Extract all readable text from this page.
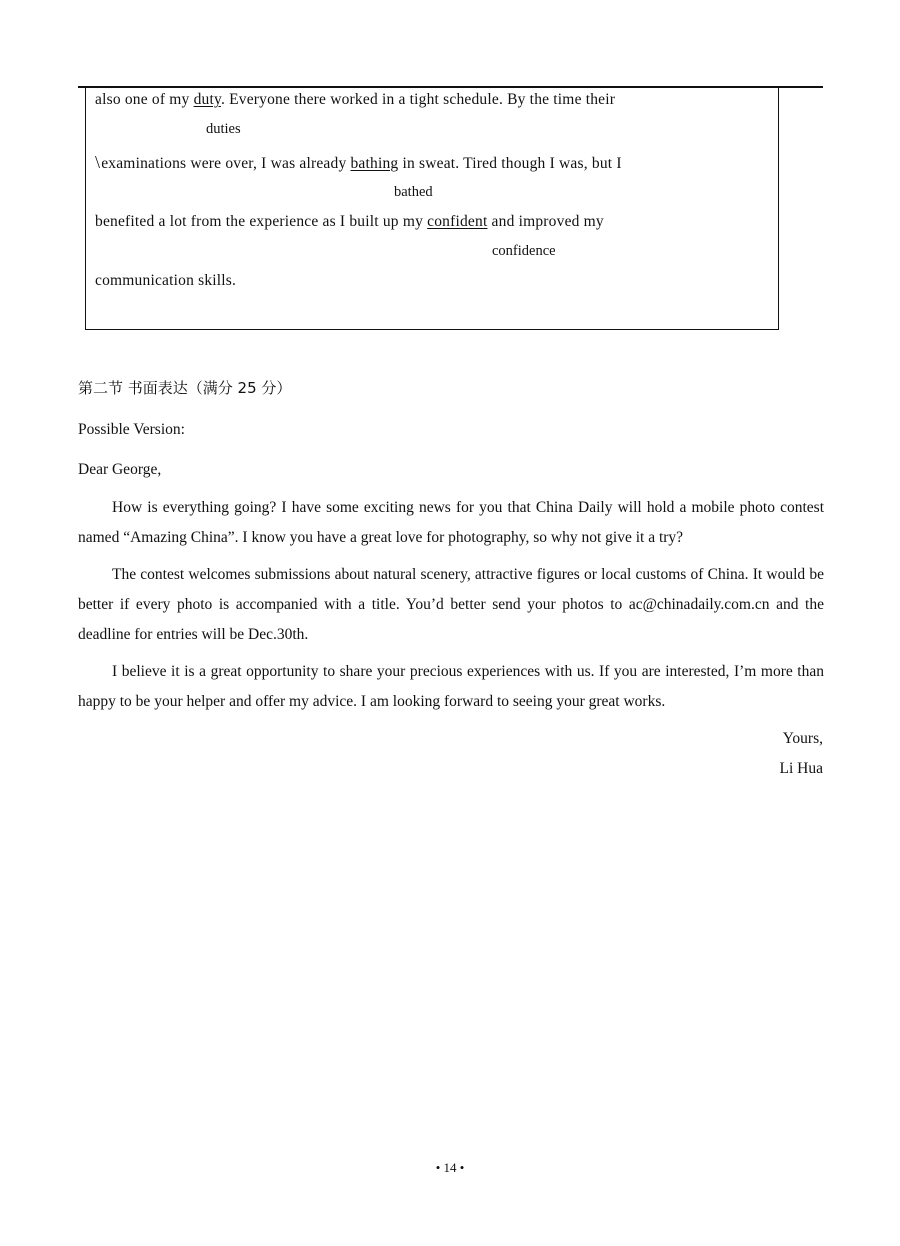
also one of my duty. Everyone there worked in a tight schedule. By the time their
duties
\examinations were over, I was already bathing in sweat. Tired though I was, but I
bathed
benefited a lot from the experience as I built up my confident and improved my
confidence
communication skills.
第二节 书面表达（满分 25 分）
Possible Version:
Dear George,

How is everything going? I have some exciting news for you that China Daily will hold a mobile photo contest named “Amazing China”. I know you have a great love for photography, so why not give it a try?

The contest welcomes submissions about natural scenery, attractive figures or local customs of China. It would be better if every photo is accompanied with a title. You’d better send your photos to ac@chinadaily.com.cn and the deadline for entries will be Dec.30th.

I believe it is a great opportunity to share your precious experiences with us. If you are interested, I’m more than happy to be your helper and offer my advice. I am looking forward to seeing your great works.

Yours,
Li Hua
• 14 •
